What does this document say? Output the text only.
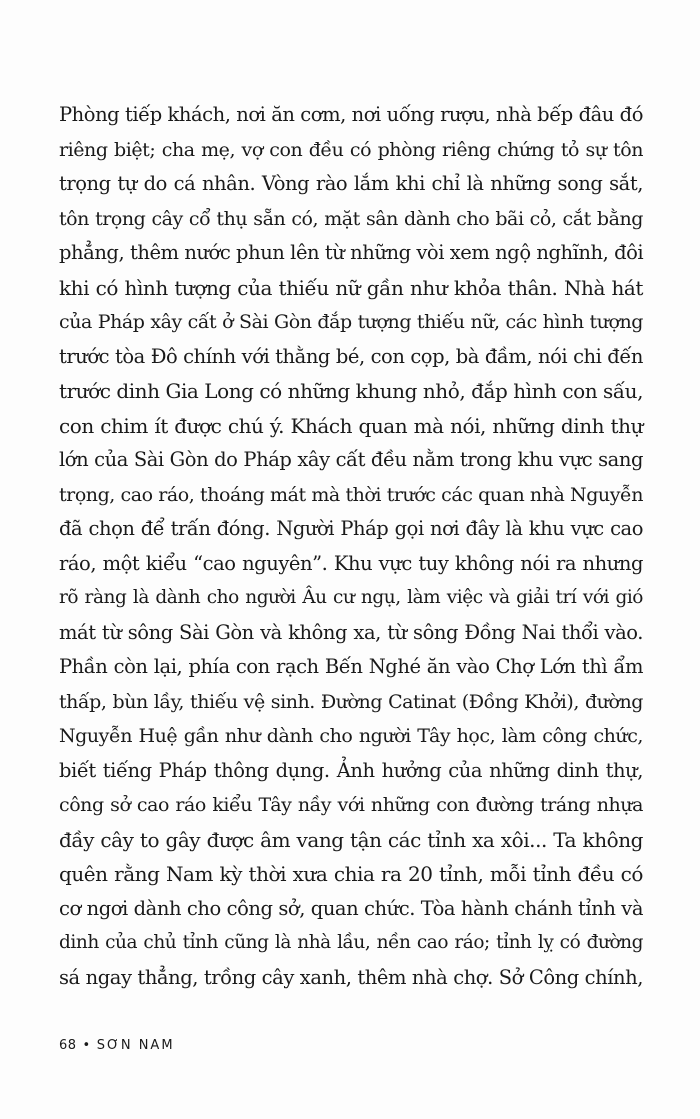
Phòng tiếp khách, nơi ăn cơm, nơi uống rượu, nhà bếp đâu đó
riêng biệt; cha mẹ, vợ con đều có phòng riêng chứng tỏ sự tôn
trọng tự do cá nhân. Vòng rào lắm khi chỉ là những song sắt,
tôn trọng cây cổ thụ sẵn có, mặt sân dành cho bãi cỏ, cắt bằng
phẳng, thêm nước phun lên từ những vòi xem ngộ nghĩnh, đôi
khi có hình tượng của thiếu nữ gần như khỏa thân. Nhà hát
của Pháp xây cất ở Sài Gòn đắp tượng thiếu nữ, các hình tượng
trước tòa Đô chính với thằng bé, con cọp, bà đầm, nói chi đến
trước dinh Gia Long có những khung nhỏ, đắp hình con sấu,
con chim ít được chú ý. Khách quan mà nói, những dinh thự
lớn của Sài Gòn do Pháp xây cất đều nằm trong khu vực sang
trọng, cao ráo, thoáng mát mà thời trước các quan nhà Nguyễn
đã chọn để trấn đóng. Người Pháp gọi nơi đây là khu vực cao
ráo, một kiểu “cao nguyên”. Khu vực tuy không nói ra nhưng
rõ ràng là dành cho người Âu cư ngụ, làm việc và giải trí với gió
mát từ sông Sài Gòn và không xa, từ sông Đồng Nai thổi vào.
Phần còn lại, phía con rạch Bến Nghé ăn vào Chợ Lớn thì ẩm
thấp, bùn lầy, thiếu vệ sinh. Đường Catinat (Đồng Khởi), đường
Nguyễn Huệ gần như dành cho người Tây học, làm công chức,
biết tiếng Pháp thông dụng. Ảnh hưởng của những dinh thự,
công sở cao ráo kiểu Tây nầy với những con đường tráng nhựa
đầy cây to gây được âm vang tận các tỉnh xa xôi... Ta không
quên rằng Nam kỳ thời xưa chia ra 20 tỉnh, mỗi tỉnh đều có
cơ ngơi dành cho công sở, quan chức. Tòa hành chánh tỉnh và
dinh của chủ tỉnh cũng là nhà lầu, nền cao ráo; tỉnh lỵ có đường
sá ngay thẳng, trồng cây xanh, thêm nhà chợ. Sở Công chính,
68 • SƠN NAM
